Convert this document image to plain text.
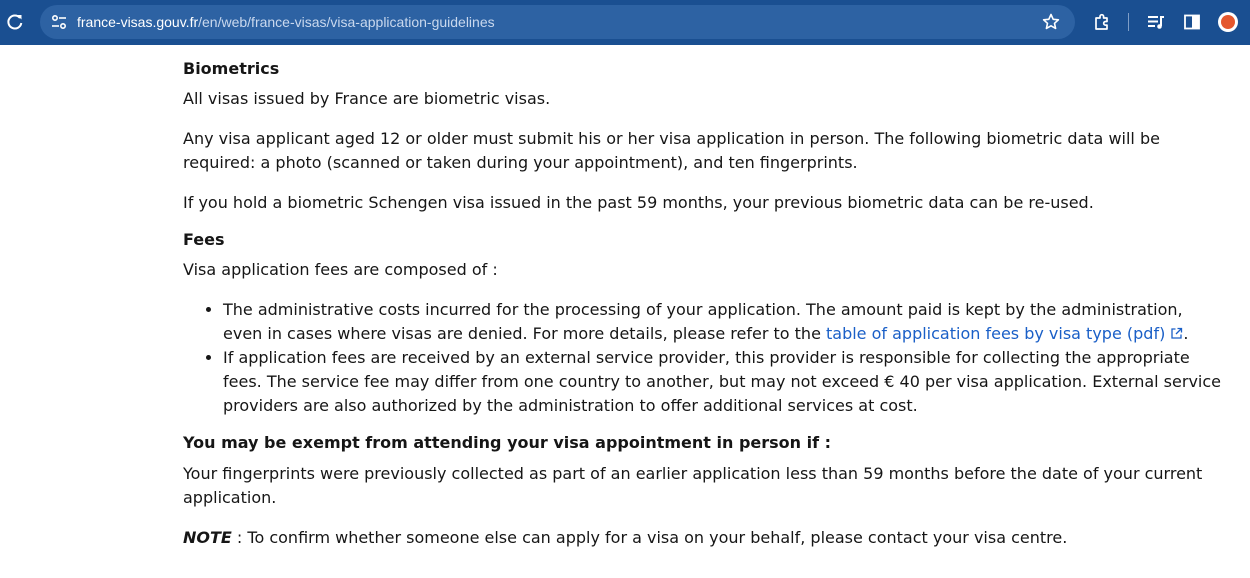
france-visas.gouv.fr/en/web/france-visas/visa-application-guidelines
Biometrics

All visas issued by France are biometric visas.

Any visa applicant aged 12 or older must submit his or her visa application in person. The following biometric data will be required: a photo (scanned or taken during your appointment), and ten fingerprints.

If you hold a biometric Schengen visa issued in the past 59 months, your previous biometric data can be re-used.

Fees

Visa application fees are composed of :

• The administrative costs incurred for the processing of your application. The amount paid is kept by the administration, even in cases where visas are denied. For more details, please refer to the table of application fees by visa type (pdf) .
• If application fees are received by an external service provider, this provider is responsible for collecting the appropriate fees. The service fee may differ from one country to another, but may not exceed € 40 per visa application. External service providers are also authorized by the administration to offer additional services at cost.
You may be exempt from attending your visa appointment in person if :

Your fingerprints were previously collected as part of an earlier application less than 59 months before the date of your current application.

NOTE : To confirm whether someone else can apply for a visa on your behalf, please contact your visa centre.
